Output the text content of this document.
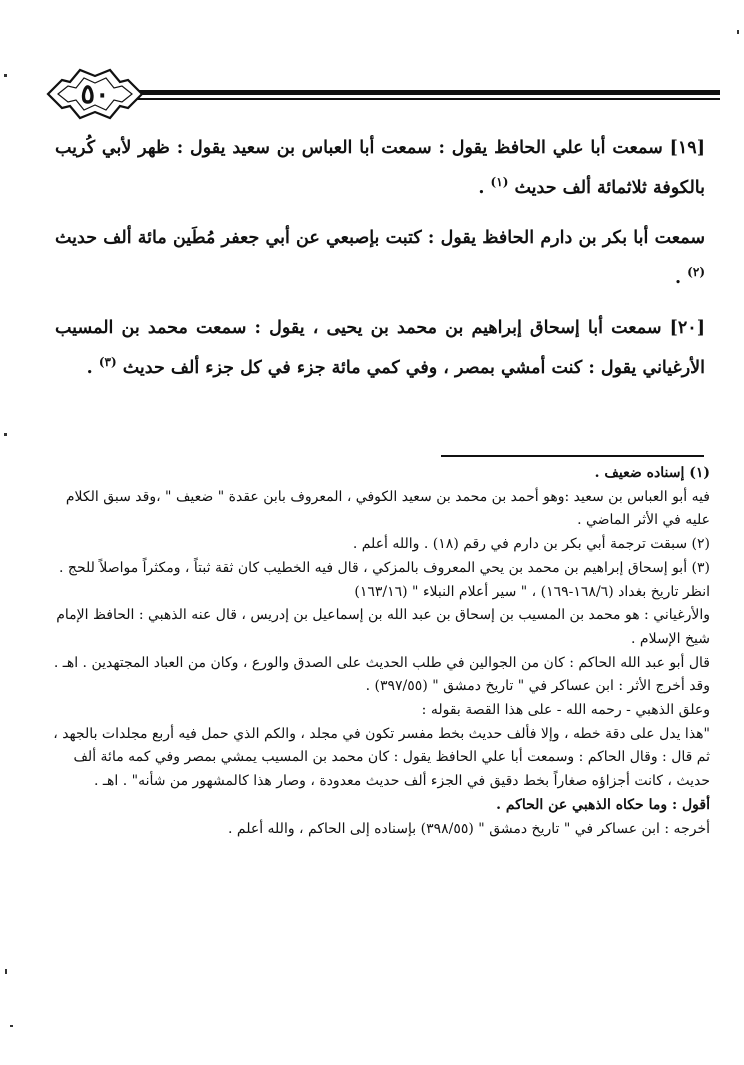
٥٠

[١٩] سمعت أبا علي الحافظ يقول : سمعت أبا العباس بن سعيد يقول : ظهر لأبي كُريب بالكوفة ثلاثمائة ألف حديث $^{(١)}$ .

سمعت أبا بكر بن دارم الحافظ يقول : كتبت بإصبعي عن أبي جعفر مُطَين مائة ألف حديث $^{(٢)}$ .

[٢٠] سمعت أبا إسحاق إبراهيم بن محمد بن يحيى ، يقول : سمعت محمد بن المسيب الأرغياني يقول : كنت أمشي بمصر ، وفي كمي مائة جزء في كل جزء ألف حديث $^{(٣)}$ .

(١) إسناده ضعيف .

فيه أبو العباس بن سعيد :وهو أحمد بن محمد بن سعيد الكوفي ، المعروف بابن عقدة " ضعيف " ،وقد سبق الكلام عليه في الأثر الماضي .

(٢) سبقت ترجمة أبي بكر بن دارم في رقم (١٨) . والله أعلم .

(٣) أبو إسحاق إبراهيم بن محمد بن يحي المعروف بالمزكي ، قال فيه الخطيب كان ثقة ثبتاً ، ومكثراً مواصلاً للحج .

انظر تاريخ بغداد (١٦٨/٦-١٦٩) ، " سير أعلام النبلاء " (١٦٣/١٦)

والأرغياني : هو محمد بن المسيب بن إسحاق بن عبد الله بن إسماعيل بن إدريس ، قال عنه الذهبي : الحافظ الإمام شيخ الإسلام .

قال أبو عبد الله الحاكم : كان من الجوالين في طلب الحديث على الصدق والورع ، وكان من العباد المجتهدين . اهـ .

وقد أخرج الأثر : ابن عساكر في " تاريخ دمشق " (٣٩٧/٥٥) .

وعلق الذهبي - رحمه الله - على هذا القصة بقوله :

"هذا يدل على دقة خطه ، وإلا فألف حديث بخط مفسر تكون في مجلد ، والكم الذي حمل فيه أربع مجلدات بالجهد ، ثم قال : وقال الحاكم : وسمعت أبا علي الحافظ يقول : كان محمد بن المسيب يمشي بمصر وفي كمه مائة ألف حديث ، كانت أجزاؤه صغاراً بخط دقيق في الجزء ألف حديث معدودة ، وصار هذا كالمشهور من شأنه" . اهـ .

أقول : وما حكاه الذهبي عن الحاكم .

أخرجه : ابن عساكر في " تاريخ دمشق " (٣٩٨/٥٥) بإسناده إلى الحاكم ، والله أعلم .
